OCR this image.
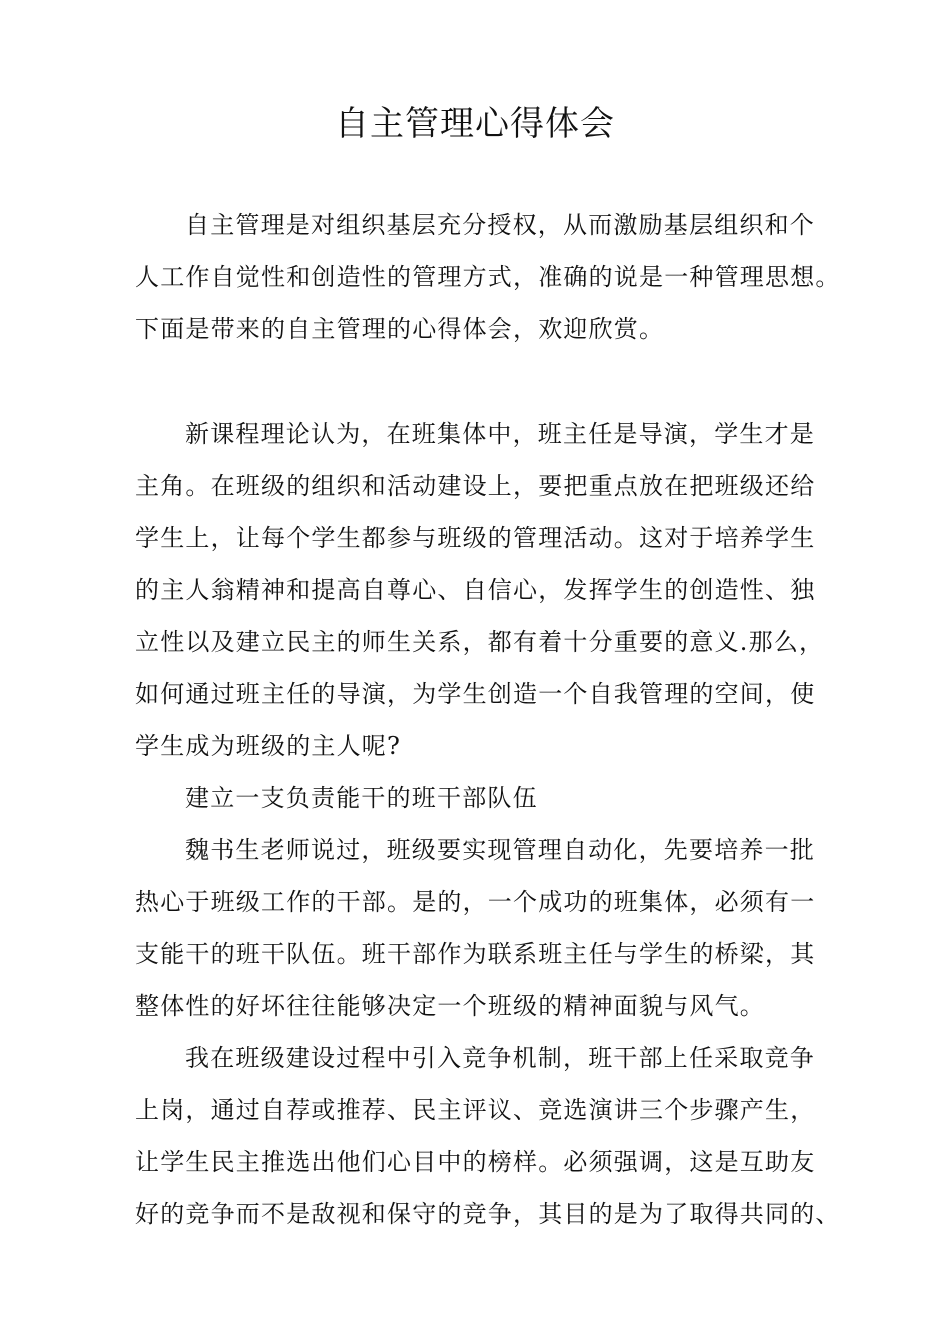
自主管理心得体会
自主管理是对组织基层充分授权，从而激励基层组织和个
人工作自觉性和创造性的管理方式，准确的说是一种管理思想。
下面是带来的自主管理的心得体会，欢迎欣赏。
新课程理论认为，在班集体中，班主任是导演，学生才是
主角。在班级的组织和活动建设上，要把重点放在把班级还给
学生上，让每个学生都参与班级的管理活动。这对于培养学生
的主人翁精神和提高自尊心、自信心，发挥学生的创造性、独
立性以及建立民主的师生关系，都有着十分重要的意义.那么，
如何通过班主任的导演，为学生创造一个自我管理的空间，使
学生成为班级的主人呢?
建立一支负责能干的班干部队伍
魏书生老师说过，班级要实现管理自动化，先要培养一批
热心于班级工作的干部。是的，一个成功的班集体，必须有一
支能干的班干队伍。班干部作为联系班主任与学生的桥梁，其
整体性的好坏往往能够决定一个班级的精神面貌与风气。
我在班级建设过程中引入竞争机制，班干部上任采取竞争
上岗，通过自荐或推荐、民主评议、竞选演讲三个步骤产生，
让学生民主推选出他们心目中的榜样。必须强调，这是互助友
好的竞争而不是敌视和保守的竞争，其目的是为了取得共同的、
